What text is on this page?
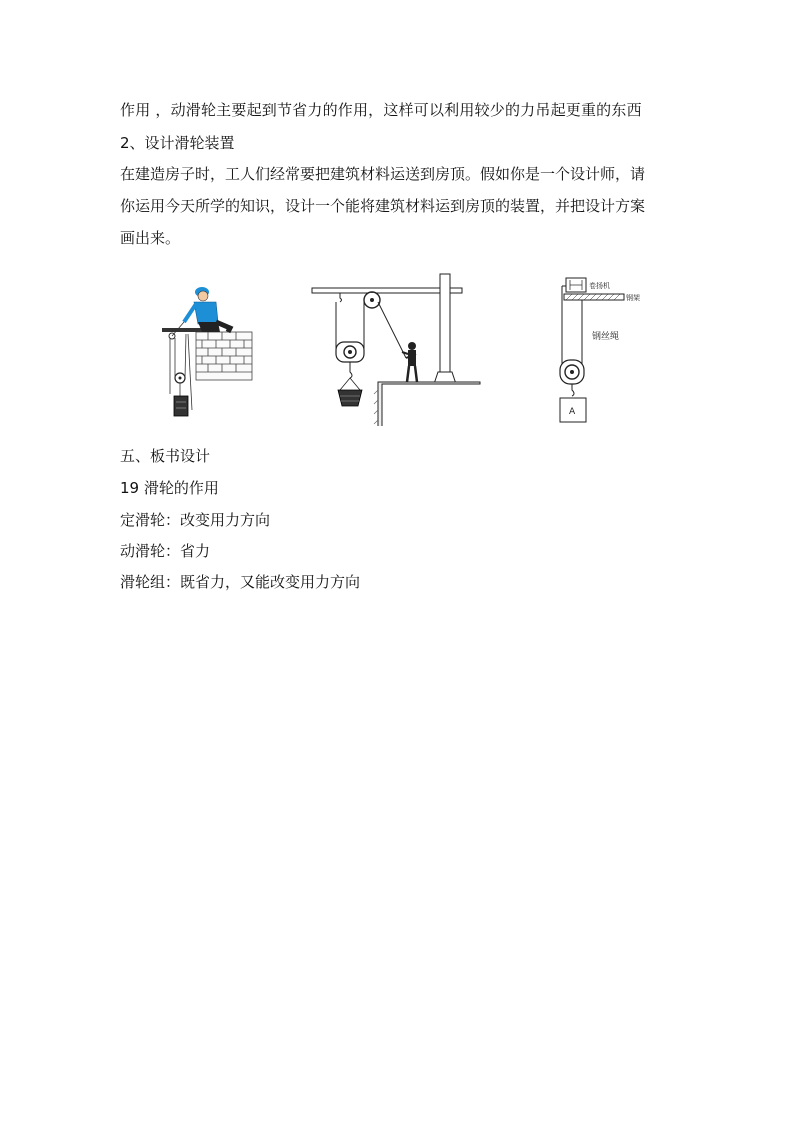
作用 ，动滑轮主要起到节省力的作用，这样可以利用较少的力吊起更重的东西
2、设计滑轮装置
在建造房子时，工人们经常要把建筑材料运送到房顶。假如你是一个设计师，请
你运用今天所学的知识，设计一个能将建筑材料运到房顶的装置，并把设计方案
画出来。
卷扬机
钢架
钢丝绳
A
五、板书设计
19 滑轮的作用
定滑轮：改变用力方向
动滑轮：省力
滑轮组：既省力，又能改变用力方向
